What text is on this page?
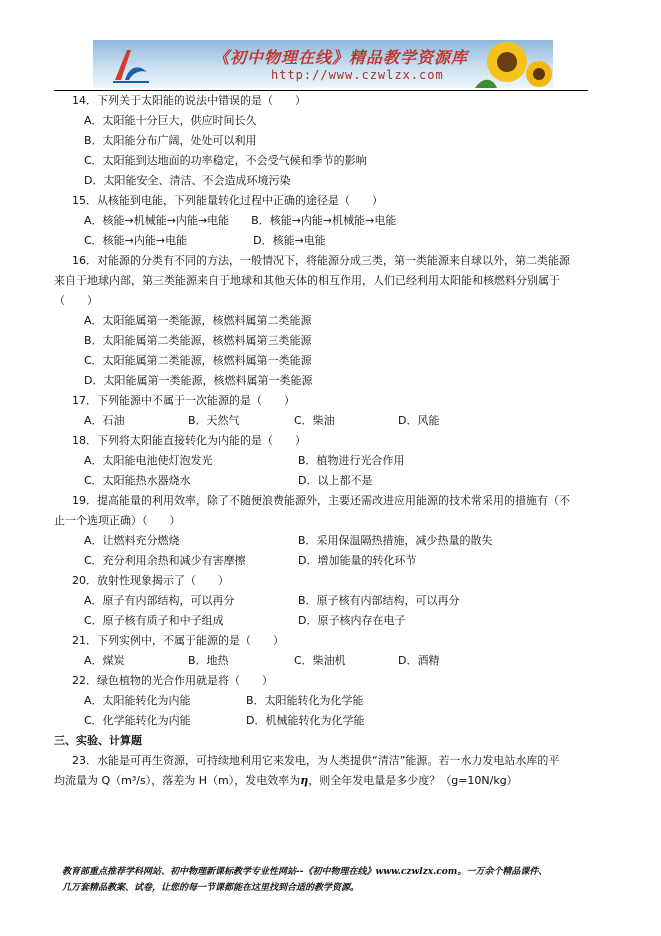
《初中物理在线》精品教学资源库
http://www.czwlzx.com
14．下列关于太阳能的说法中错误的是（　　）
A．太阳能十分巨大，供应时间长久
B．太阳能分布广阔，处处可以利用
C．太阳能到达地面的功率稳定，不会受气候和季节的影响
D．太阳能安全、清洁、不会造成环境污染
15．从核能到电能，下列能量转化过程中正确的途径是（　　）
A．核能→机械能→内能→电能　　B．核能→内能→机械能→电能
C．核能→内能→电能　　　　　　D．核能→电能
16．对能源的分类有不同的方法，一般情况下，将能源分成三类，第一类能源来自球以外，第二类能源
来自于地球内部，第三类能源来自于地球和其他天体的相互作用，人们已经利用太阳能和核燃料分别属于
（　　）
A．太阳能属第一类能源，核燃料属第二类能源
B．太阳能属第二类能源，核燃料属第三类能源
C．太阳能属第二类能源，核燃料属第一类能源
D．太阳能属第一类能源，核燃料属第一类能源
17．下列能源中不属于一次能源的是（　　）
A．石油	B．天然气	C．柴油	D．风能
18．下列将太阳能直接转化为内能的是（　　）
A．太阳能电池使灯泡发光	B．植物进行光合作用
C．太阳能热水器烧水	D．以上都不是
19．提高能量的利用效率，除了不随便浪费能源外，主要还需改进应用能源的技术常采用的措施有（不
止一个选项正确）（　　）
A．让燃料充分燃烧	B．采用保温隔热措施，减少热量的散失
C．充分利用余热和减少有害摩擦	D．增加能量的转化环节
20．放射性现象揭示了（　　）
A．原子有内部结构，可以再分	B．原子核有内部结构，可以再分
C．原子核有质子和中子组成	D．原子核内存在电子
21．下列实例中，不属于能源的是（　　）
A．煤炭	B．地热	C．柴油机	D．酒精
22．绿色植物的光合作用就是将（　　）
A．太阳能转化为内能	B．太阳能转化为化学能
C．化学能转化为内能	D．机械能转化为化学能
三、实验、计算题
23．水能是可再生资源，可持续地利用它来发电，为人类提供“清洁”能源。若一水力发电站水库的平
均流量为 Q（m³/s），落差为 H（m），发电效率为η，则全年发电量是多少度？（g=10N/kg）
教育部重点推荐学科网站、初中物理新课标教学专业性网站--《初中物理在线》www.czwlzx.com。一万余个精品课件、
几万套精品教案、试卷，让您的每一节课都能在这里找到合适的教学资源。
